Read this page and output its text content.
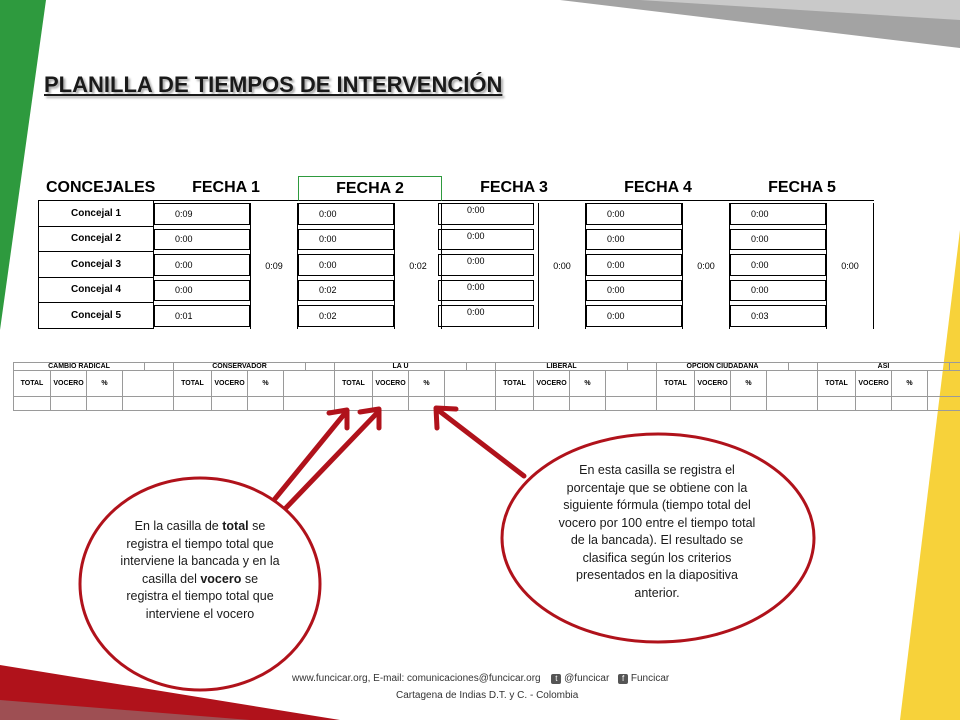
PLANILLA DE TIEMPOS DE INTERVENCIÓN
CONCEJALES	FECHA 1	FECHA 2	FECHA 3	FECHA 4	FECHA 5
Concejal 1	0:09	0:00	0:00	0:00	0:00
Concejal 2	0:00	0:00	0:00	0:00	0:00
Concejal 3	0:00	0:00	0:00	0:00	0:00
Concejal 4	0:00	0:02	0:00	0:00	0:00
Concejal 5	0:01	0:02	0:00	0:00	0:03
0:09	0:02	0:00	0:00	0:00
CAMBIO RADICAL
TOTAL	VOCERO	%
CONSERVADOR
TOTAL	VOCERO	%
LA U
TOTAL	VOCERO	%
LIBERAL
TOTAL	VOCERO	%
OPCION CIUDADANA
TOTAL	VOCERO	%
ASI
TOTAL	VOCERO	%
En la casilla de total se registra el tiempo total que interviene la bancada y en la casilla del vocero se registra el tiempo total que interviene el vocero
En esta casilla se registra el porcentaje que se obtiene con la siguiente fórmula (tiempo total del vocero por 100 entre el tiempo total de la bancada). El resultado se clasifica según los criterios presentados en la diapositiva anterior.
www.funcicar.org, E-mail: comunicaciones@funcicar.org t @funcicar f Funcicar
Cartagena de Indias D.T. y C. - Colombia
